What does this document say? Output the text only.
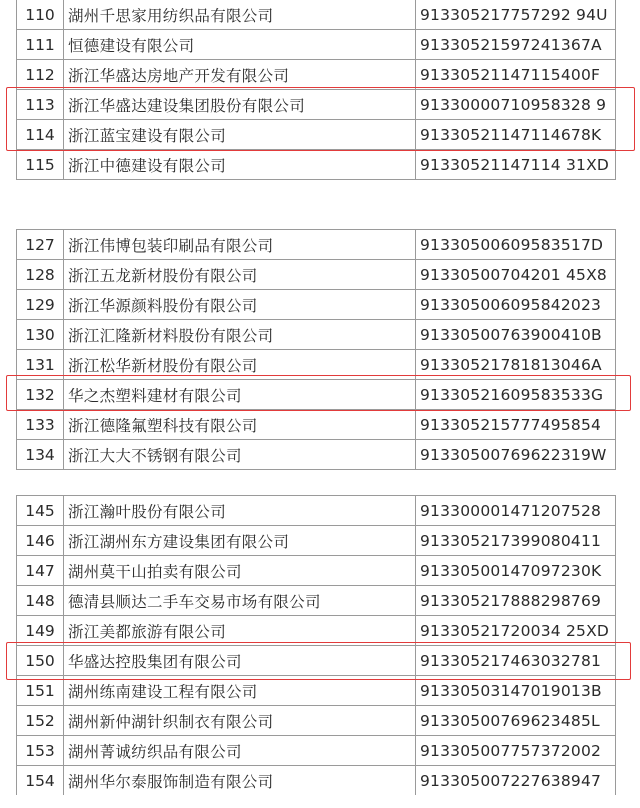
110 湖州千思家用纺织品有限公司	913305217757292 94U
111 恒德建设有限公司	91330521597241367A
112 浙江华盛达房地产开发有限公司	91330521147115400F
113 浙江华盛达建设集团股份有限公司	91330000710958328 9
114 浙江蓝宝建设有限公司	91330521147114678K
115 浙江中德建设有限公司	91330521147114 31XD
127 浙江伟博包装印刷品有限公司	91330500609583517D
128 浙江五龙新材股份有限公司	91330500704201 45X8
129 浙江华源颜料股份有限公司	913305006095842023
130 浙江汇隆新材料股份有限公司	91330500763900410B
131 浙江松华新材股份有限公司	91330521781813046A
132 华之杰塑料建材有限公司	91330521609583533G
133 浙江德隆氟塑科技有限公司	913305215777495854
134 浙江大大不锈钢有限公司	91330500769622319W
145 浙江瀚叶股份有限公司	913300001471207528
146 浙江湖州东方建设集团有限公司	913305217399080411
147 湖州莫干山拍卖有限公司	91330500147097230K
148 德清县顺达二手车交易市场有限公司	913305217888298769
149 浙江美都旅游有限公司	91330521720034 25XD
150 华盛达控股集团有限公司	913305217463032781
151 湖州练南建设工程有限公司	91330503147019013B
152 湖州新仲湖针织制衣有限公司	91330500769623485L
153 湖州菁诚纺织品有限公司	913305007757372002
154 湖州华尔泰服饰制造有限公司	913305007227638947
